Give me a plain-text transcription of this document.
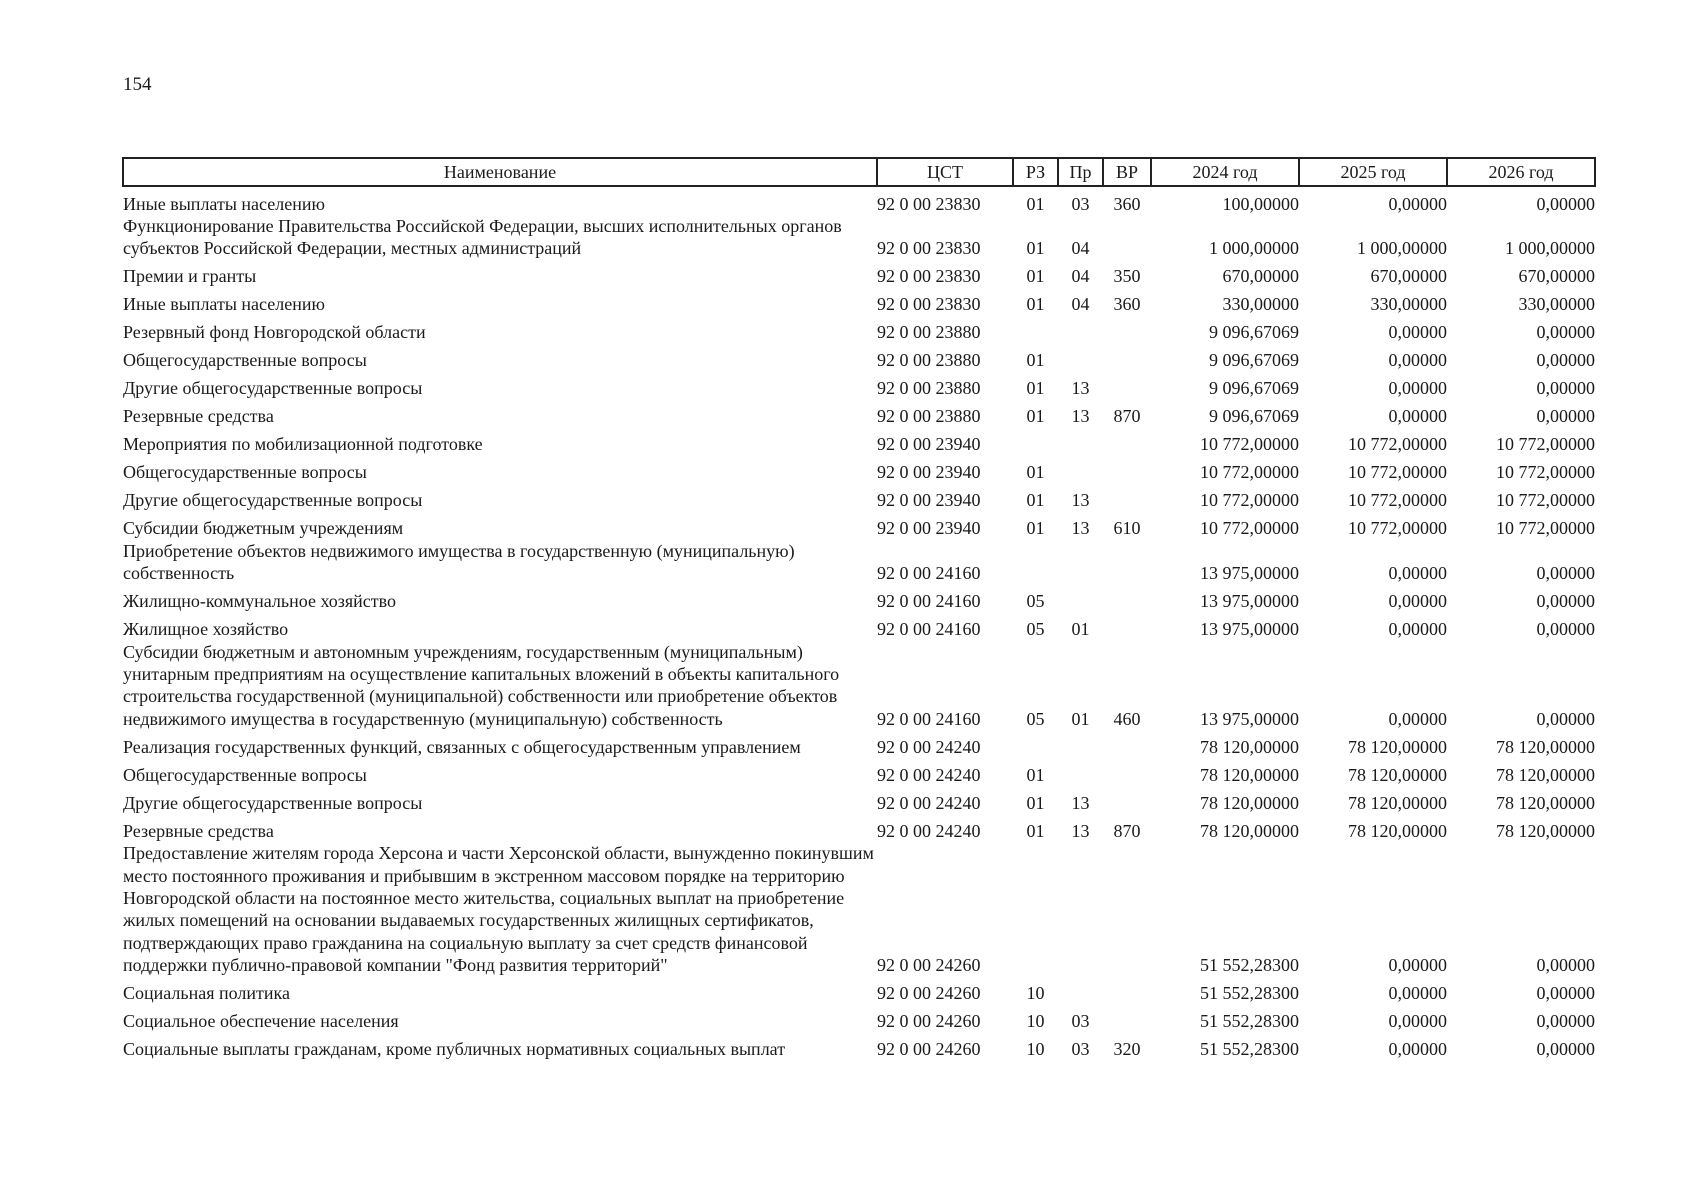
154
Наименование	ЦСТ	РЗ	Пр	ВР	2024 год	2025 год	2026 год
Иные выплаты населению	92 0 00 23830	01	03	360	100,00000	0,00000	0,00000
Функционирование Правительства Российской Федерации, высших исполнительных органов субъектов Российской Федерации, местных администраций	92 0 00 23830	01	04		1 000,00000	1 000,00000	1 000,00000
Премии и гранты	92 0 00 23830	01	04	350	670,00000	670,00000	670,00000
Иные выплаты населению	92 0 00 23830	01	04	360	330,00000	330,00000	330,00000
Резервный фонд Новгородской области	92 0 00 23880				9 096,67069	0,00000	0,00000
Общегосударственные вопросы	92 0 00 23880	01			9 096,67069	0,00000	0,00000
Другие общегосударственные вопросы	92 0 00 23880	01	13		9 096,67069	0,00000	0,00000
Резервные средства	92 0 00 23880	01	13	870	9 096,67069	0,00000	0,00000
Мероприятия по мобилизационной подготовке	92 0 00 23940				10 772,00000	10 772,00000	10 772,00000
Общегосударственные вопросы	92 0 00 23940	01			10 772,00000	10 772,00000	10 772,00000
Другие общегосударственные вопросы	92 0 00 23940	01	13		10 772,00000	10 772,00000	10 772,00000
Субсидии бюджетным учреждениям	92 0 00 23940	01	13	610	10 772,00000	10 772,00000	10 772,00000
Приобретение объектов недвижимого имущества в государственную (муниципальную) собственность	92 0 00 24160				13 975,00000	0,00000	0,00000
Жилищно-коммунальное хозяйство	92 0 00 24160	05			13 975,00000	0,00000	0,00000
Жилищное хозяйство	92 0 00 24160	05	01		13 975,00000	0,00000	0,00000
Субсидии бюджетным и автономным учреждениям, государственным (муниципальным) унитарным предприятиям на осуществление капитальных вложений в объекты капитального строительства государственной (муниципальной) собственности или приобретение объектов недвижимого имущества в государственную (муниципальную) собственность	92 0 00 24160	05	01	460	13 975,00000	0,00000	0,00000
Реализация государственных функций, связанных с общегосударственным управлением	92 0 00 24240				78 120,00000	78 120,00000	78 120,00000
Общегосударственные вопросы	92 0 00 24240	01			78 120,00000	78 120,00000	78 120,00000
Другие общегосударственные вопросы	92 0 00 24240	01	13		78 120,00000	78 120,00000	78 120,00000
Резервные средства	92 0 00 24240	01	13	870	78 120,00000	78 120,00000	78 120,00000
Предоставление жителям города Херсона и части Херсонской области, вынужденно покинувшим место постоянного проживания и прибывшим в экстренном массовом порядке на территорию Новгородской области на постоянное место жительства, социальных выплат на приобретение жилых помещений на основании выдаваемых государственных жилищных сертификатов, подтверждающих право гражданина на социальную выплату за счет средств финансовой поддержки публично-правовой компании "Фонд развития территорий"	92 0 00 24260				51 552,28300	0,00000	0,00000
Социальная политика	92 0 00 24260	10			51 552,28300	0,00000	0,00000
Социальное обеспечение населения	92 0 00 24260	10	03		51 552,28300	0,00000	0,00000
Социальные выплаты гражданам, кроме публичных нормативных социальных выплат	92 0 00 24260	10	03	320	51 552,28300	0,00000	0,00000
